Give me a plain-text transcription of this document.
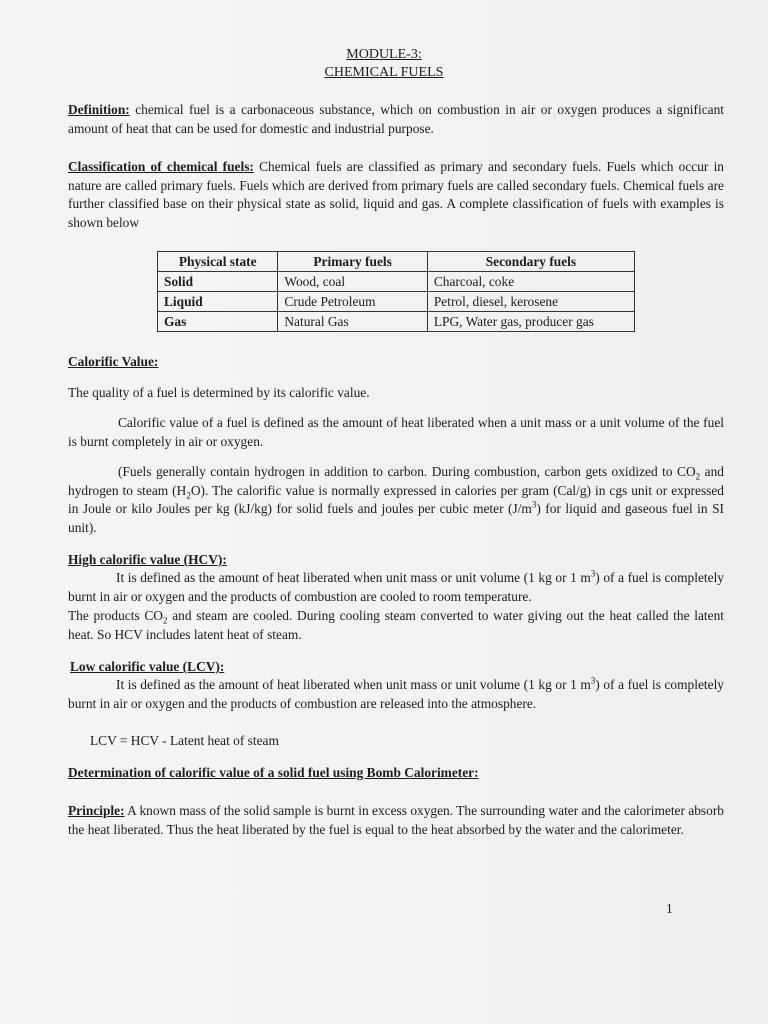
MODULE-3:
CHEMICAL FUELS
Definition: chemical fuel is a carbonaceous substance, which on combustion in air or oxygen produces a significant amount of heat that can be used for domestic and industrial purpose.
Classification of chemical fuels: Chemical fuels are classified as primary and secondary fuels. Fuels which occur in nature are called primary fuels. Fuels which are derived from primary fuels are called secondary fuels. Chemical fuels are further classified base on their physical state as solid, liquid and gas. A complete classification of fuels with examples is shown below
Physical state	Primary fuels	Secondary fuels
Solid	Wood, coal	Charcoal, coke
Liquid	Crude Petroleum	Petrol, diesel, kerosene
Gas	Natural Gas	LPG, Water gas, producer gas
Calorific Value:
The quality of a fuel is determined by its calorific value.
Calorific value of a fuel is defined as the amount of heat liberated when a unit mass or a unit volume of the fuel is burnt completely in air or oxygen.
(Fuels generally contain hydrogen in addition to carbon. During combustion, carbon gets oxidized to $CO_2$ and hydrogen to steam $(H_2O)$. The calorific value is normally expressed in calories per gram (Cal/g) in cgs unit or expressed in Joule or kilo Joules per kg (kJ/kg) for solid fuels and joules per cubic meter $(J/m^3)$ for liquid and gaseous fuel in SI unit).
High calorific value (HCV):
It is defined as the amount of heat liberated when unit mass or unit volume (1 kg or 1 $m^3$) of a fuel is completely burnt in air or oxygen and the products of combustion are cooled to room temperature.
The products $CO_2$ and steam are cooled. During cooling steam converted to water giving out the heat called the latent heat. So HCV includes latent heat of steam.
Low calorific value (LCV):
It is defined as the amount of heat liberated when unit mass or unit volume (1 kg or 1 $m^3$) of a fuel is completely burnt in air or oxygen and the products of combustion are released into the atmosphere.
LCV = HCV - Latent heat of steam
Determination of calorific value of a solid fuel using Bomb Calorimeter:
Principle: A known mass of the solid sample is burnt in excess oxygen. The surrounding water and the calorimeter absorb the heat liberated. Thus the heat liberated by the fuel is equal to the heat absorbed by the water and the calorimeter.
1
